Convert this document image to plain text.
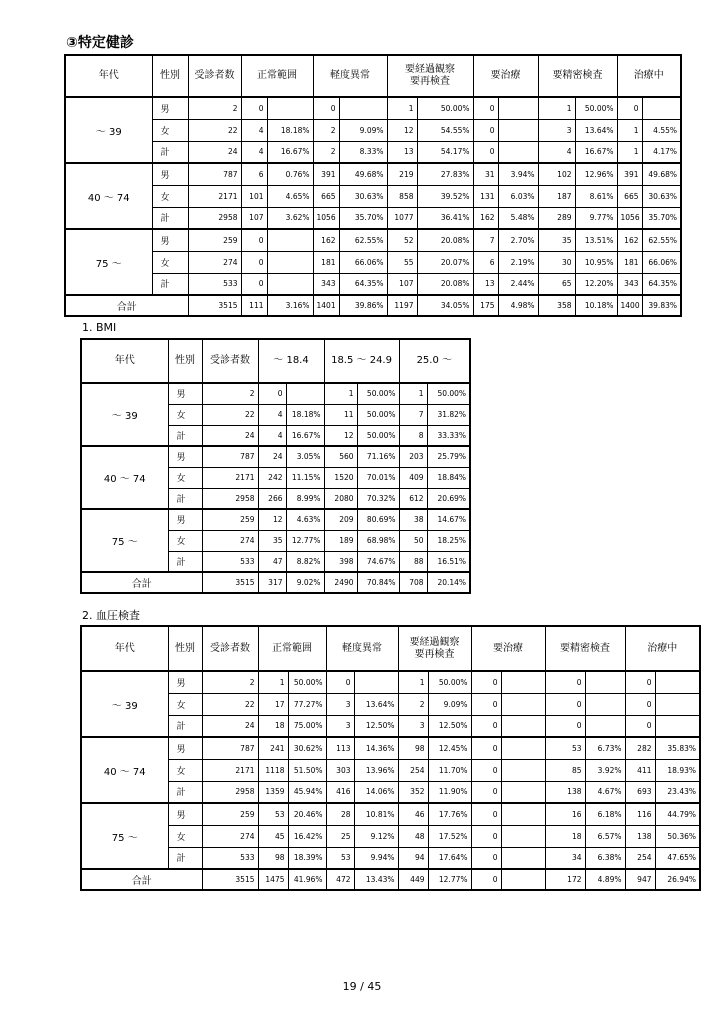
③特定健診
年代	性別	受診者数	正常範囲		軽度異常		要経過観察
要再検査		要治療		要精密検査		治療中	
～ 39	男	2	0		0		1	50.00%	0		1	50.00%	0	
	女	22	4	18.18%	2	9.09%	12	54.55%	0		3	13.64%	1	4.55%
	計	24	4	16.67%	2	8.33%	13	54.17%	0		4	16.67%	1	4.17%
40 ～ 74	男	787	6	0.76%	391	49.68%	219	27.83%	31	3.94%	102	12.96%	391	49.68%
	女	2171	101	4.65%	665	30.63%	858	39.52%	131	6.03%	187	8.61%	665	30.63%
	計	2958	107	3.62%	1056	35.70%	1077	36.41%	162	5.48%	289	9.77%	1056	35.70%
75 ～	男	259	0		162	62.55%	52	20.08%	7	2.70%	35	13.51%	162	62.55%
	女	274	0		181	66.06%	55	20.07%	6	2.19%	30	10.95%	181	66.06%
	計	533	0		343	64.35%	107	20.08%	13	2.44%	65	12.20%	343	64.35%
合計		3515	111	3.16%	1401	39.86%	1197	34.05%	175	4.98%	358	10.18%	1400	39.83%
1. BMI
年代	性別	受診者数	～ 18.4		18.5 ～ 24.9		25.0 ～	
～ 39	男	2	0		1	50.00%	1	50.00%
	女	22	4	18.18%	11	50.00%	7	31.82%
	計	24	4	16.67%	12	50.00%	8	33.33%
40 ～ 74	男	787	24	3.05%	560	71.16%	203	25.79%
	女	2171	242	11.15%	1520	70.01%	409	18.84%
	計	2958	266	8.99%	2080	70.32%	612	20.69%
75 ～	男	259	12	4.63%	209	80.69%	38	14.67%
	女	274	35	12.77%	189	68.98%	50	18.25%
	計	533	47	8.82%	398	74.67%	88	16.51%
合計		3515	317	9.02%	2490	70.84%	708	20.14%
2. 血圧検査
年代	性別	受診者数	正常範囲		軽度異常		要経過観察
要再検査		要治療		要精密検査		治療中	
～ 39	男	2	1	50.00%	0		1	50.00%	0		0		0	
	女	22	17	77.27%	3	13.64%	2	9.09%	0		0		0	
	計	24	18	75.00%	3	12.50%	3	12.50%	0		0		0	
40 ～ 74	男	787	241	30.62%	113	14.36%	98	12.45%	0		53	6.73%	282	35.83%
	女	2171	1118	51.50%	303	13.96%	254	11.70%	0		85	3.92%	411	18.93%
	計	2958	1359	45.94%	416	14.06%	352	11.90%	0		138	4.67%	693	23.43%
75 ～	男	259	53	20.46%	28	10.81%	46	17.76%	0		16	6.18%	116	44.79%
	女	274	45	16.42%	25	9.12%	48	17.52%	0		18	6.57%	138	50.36%
	計	533	98	18.39%	53	9.94%	94	17.64%	0		34	6.38%	254	47.65%
合計		3515	1475	41.96%	472	13.43%	449	12.77%	0		172	4.89%	947	26.94%
19 / 45
